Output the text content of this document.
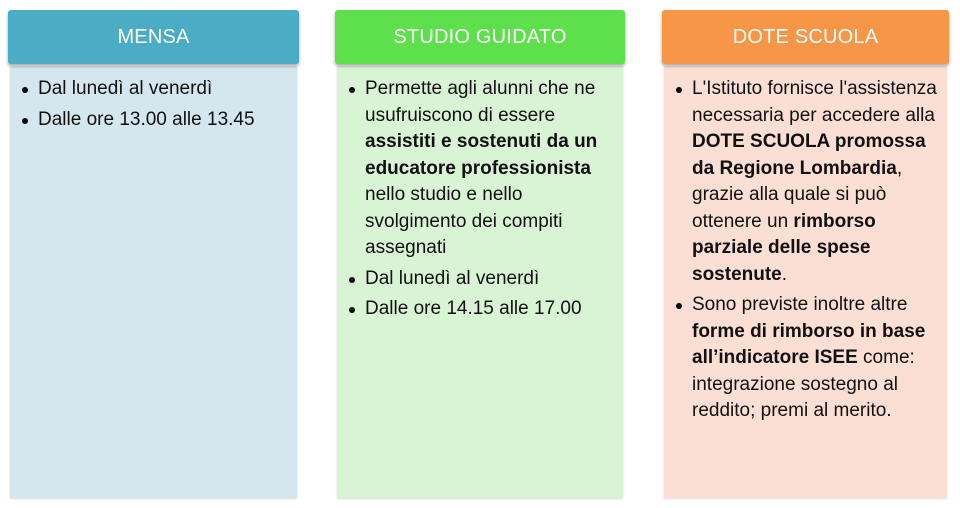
MENSA
Dal lunedì al venerdì
Dalle ore 13.00 alle 13.45
STUDIO GUIDATO
Permette agli alunni che ne usufruiscono di essere assistiti e sostenuti da un educatore professionista nello studio e nello svolgimento dei compiti assegnati
Dal lunedì al venerdì
Dalle ore 14.15 alle 17.00
DOTE SCUOLA
L'Istituto fornisce l'assistenza necessaria per accedere alla DOTE SCUOLA promossa da Regione Lombardia, grazie alla quale si può ottenere un rimborso parziale delle spese sostenute.
Sono previste inoltre altre forme di rimborso in base all’indicatore ISEE come: integrazione sostegno al reddito; premi al merito.
